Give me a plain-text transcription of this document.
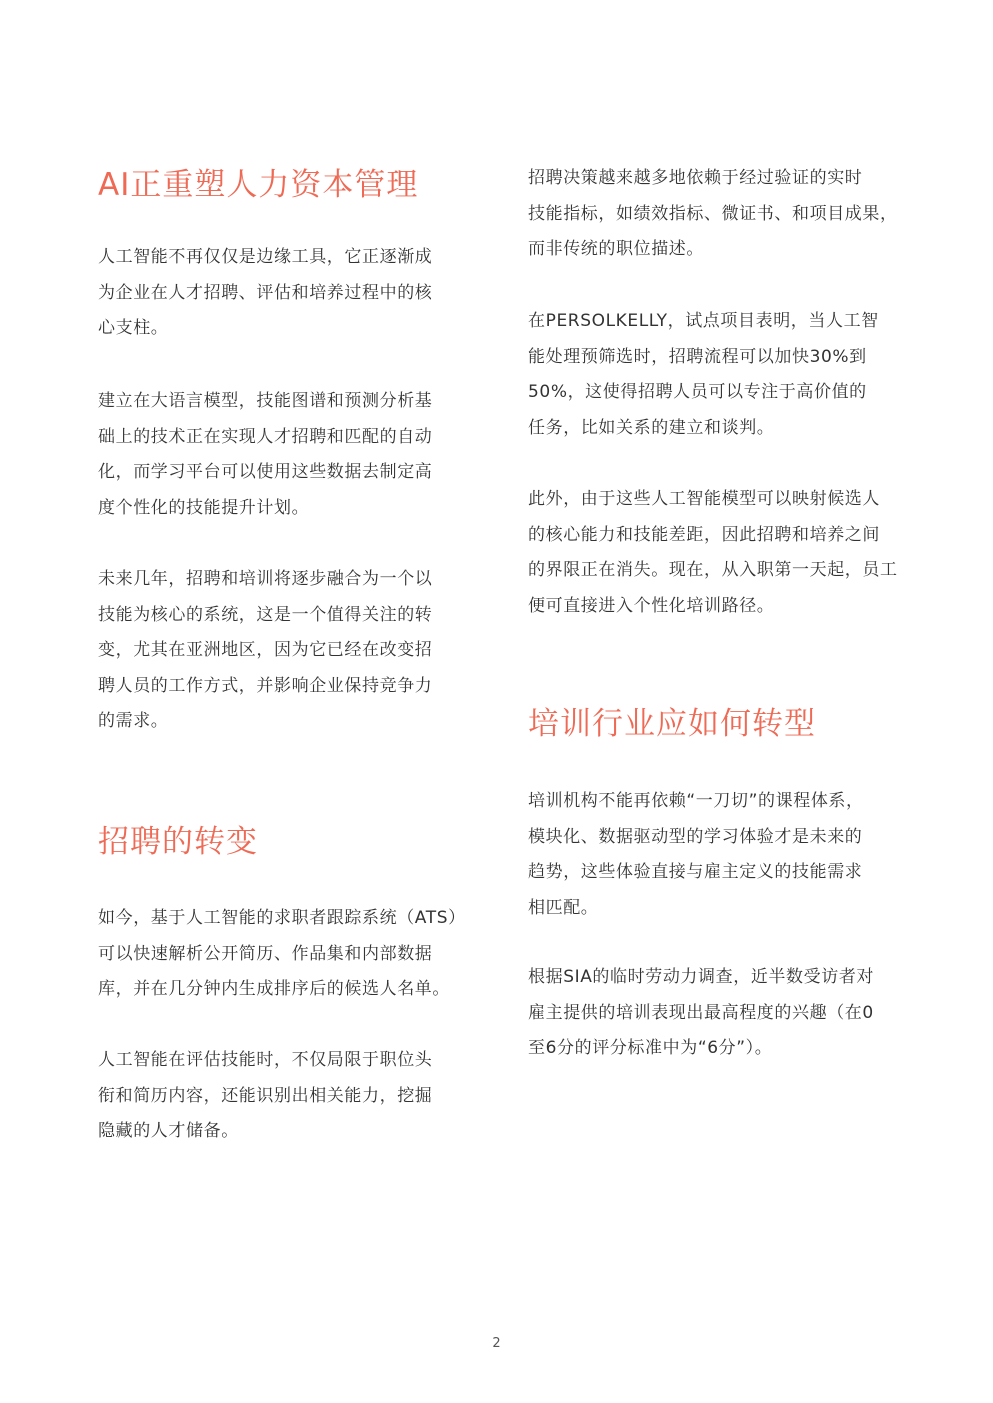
AI正重塑人力资本管理

人工智能不再仅仅是边缘工具，它正逐渐成
为企业在人才招聘、评估和培养过程中的核
心支柱。

建立在大语言模型，技能图谱和预测分析基
础上的技术正在实现人才招聘和匹配的自动
化，而学习平台可以使用这些数据去制定高
度个性化的技能提升计划。

未来几年，招聘和培训将逐步融合为一个以
技能为核心的系统，这是一个值得关注的转
变，尤其在亚洲地区，因为它已经在改变招
聘人员的工作方式，并影响企业保持竞争力
的需求。

招聘的转变

如今，基于人工智能的求职者跟踪系统（ATS）
可以快速解析公开简历、作品集和内部数据
库，并在几分钟内生成排序后的候选人名单。

人工智能在评估技能时，不仅局限于职位头
衔和简历内容，还能识别出相关能力，挖掘
隐藏的人才储备。

招聘决策越来越多地依赖于经过验证的实时
技能指标，如绩效指标、微证书、和项目成果，
而非传统的职位描述。

在PERSOLKELLY，试点项目表明，当人工智
能处理预筛选时，招聘流程可以加快30%到
50%，这使得招聘人员可以专注于高价值的
任务，比如关系的建立和谈判。

此外，由于这些人工智能模型可以映射候选人
的核心能力和技能差距，因此招聘和培养之间
的界限正在消失。现在，从入职第一天起，员工
便可直接进入个性化培训路径。

培训行业应如何转型

培训机构不能再依赖“一刀切”的课程体系，
模块化、数据驱动型的学习体验才是未来的
趋势，这些体验直接与雇主定义的技能需求
相匹配。

根据SIA的临时劳动力调查，近半数受访者对
雇主提供的培训表现出最高程度的兴趣（在0
至6分的评分标准中为“6分”）。

2
